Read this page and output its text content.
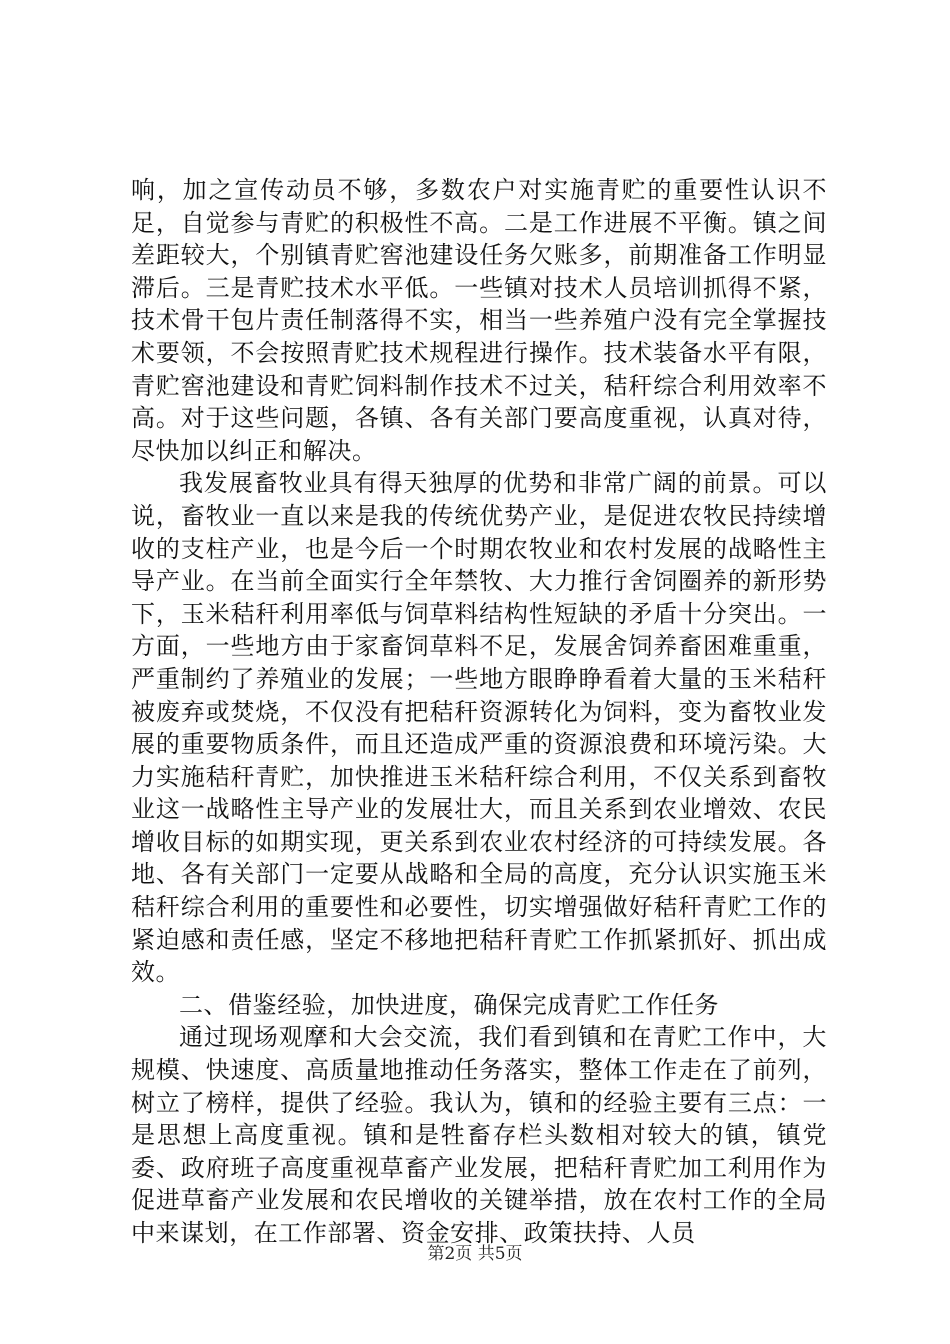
响，加之宣传动员不够，多数农户对实施青贮的重要性认识不足，自觉参与青贮的积极性不高。二是工作进展不平衡。镇之间差距较大，个别镇青贮窖池建设任务欠账多，前期准备工作明显滞后。三是青贮技术水平低。一些镇对技术人员培训抓得不紧，技术骨干包片责任制落得不实，相当一些养殖户没有完全掌握技术要领，不会按照青贮技术规程进行操作。技术装备水平有限，青贮窖池建设和青贮饲料制作技术不过关，秸秆综合利用效率不高。对于这些问题，各镇、各有关部门要高度重视，认真对待，尽快加以纠正和解决。

我发展畜牧业具有得天独厚的优势和非常广阔的前景。可以说，畜牧业一直以来是我的传统优势产业，是促进农牧民持续增收的支柱产业，也是今后一个时期农牧业和农村发展的战略性主导产业。在当前全面实行全年禁牧、大力推行舍饲圈养的新形势下，玉米秸秆利用率低与饲草料结构性短缺的矛盾十分突出。一方面，一些地方由于家畜饲草料不足，发展舍饲养畜困难重重，严重制约了养殖业的发展；一些地方眼睁睁看着大量的玉米秸秆被废弃或焚烧，不仅没有把秸秆资源转化为饲料，变为畜牧业发展的重要物质条件，而且还造成严重的资源浪费和环境污染。大力实施秸秆青贮，加快推进玉米秸秆综合利用，不仅关系到畜牧业这一战略性主导产业的发展壮大，而且关系到农业增效、农民增收目标的如期实现，更关系到农业农村经济的可持续发展。各地、各有关部门一定要从战略和全局的高度，充分认识实施玉米秸秆综合利用的重要性和必要性，切实增强做好秸秆青贮工作的紧迫感和责任感，坚定不移地把秸秆青贮工作抓紧抓好、抓出成效。

二、借鉴经验，加快进度，确保完成青贮工作任务

通过现场观摩和大会交流，我们看到镇和在青贮工作中，大规模、快速度、高质量地推动任务落实，整体工作走在了前列，树立了榜样，提供了经验。我认为，镇和的经验主要有三点：一是思想上高度重视。镇和是牲畜存栏头数相对较大的镇，镇党委、政府班子高度重视草畜产业发展，把秸秆青贮加工利用作为促进草畜产业发展和农民增收的关键举措，放在农村工作的全局中来谋划，在工作部署、资金安排、政策扶持、人员

第2页 共5页
